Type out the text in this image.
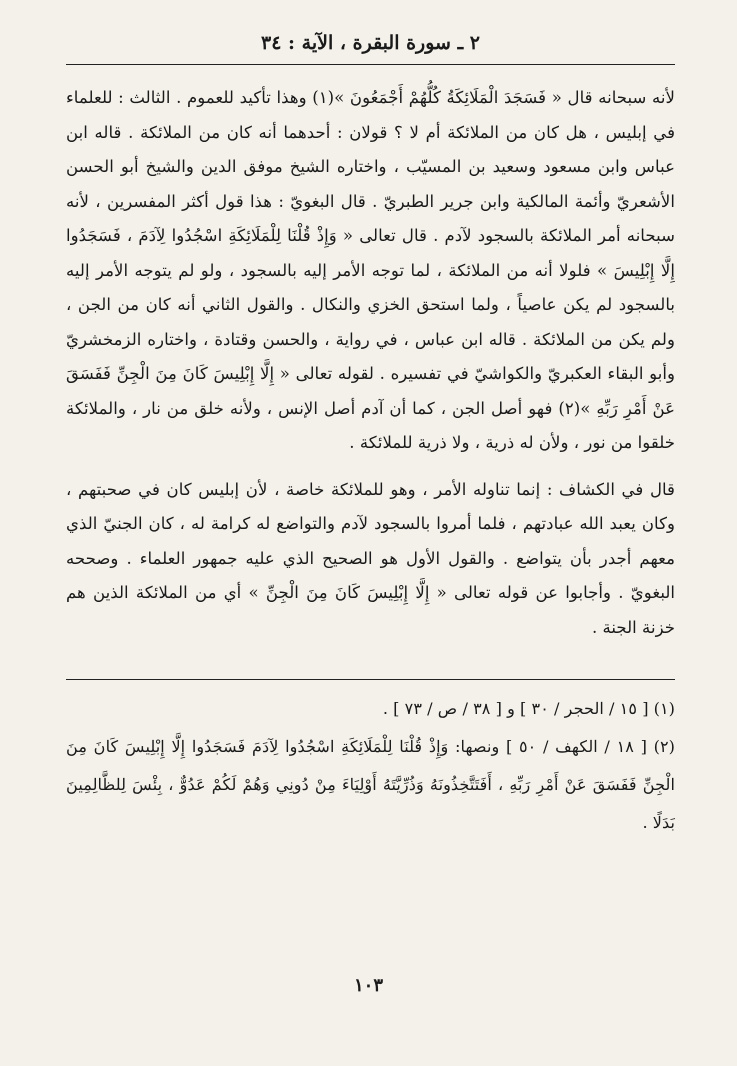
٢ ـ سورة البقرة ، الآية : ٣٤

لأنه سبحانه قال « فَسَجَدَ الْمَلَائِكَةُ كُلُّهُمْ أَجْمَعُونَ »(١) وهذا تأكيد للعموم . الثالث : للعلماء في إبليس ، هل كان من الملائكة أم لا ؟ قولان : أحدهما أنه كان من الملائكة . قاله ابن عباس وابن مسعود وسعيد بن المسيّب ، واختاره الشيخ موفق الدين والشيخ أبو الحسن الأشعريّ وأئمة المالكية وابن جرير الطبريّ . قال البغويّ : هذا قول أكثر المفسرين ، لأنه سبحانه أمر الملائكة بالسجود لآدم . قال تعالى « وَإِذْ قُلْنَا لِلْمَلَائِكَةِ اسْجُدُوا لِآدَمَ ، فَسَجَدُوا إِلَّا إِبْلِيسَ » فلولا أنه من الملائكة ، لما توجه الأمر إليه بالسجود ، ولو لم يتوجه الأمر إليه بالسجود لم يكن عاصياً ، ولما استحق الخزي والنكال . والقول الثاني أنه كان من الجن ، ولم يكن من الملائكة . قاله ابن عباس ، في رواية ، والحسن وقتادة ، واختاره الزمخشريّ وأبو البقاء العكبريّ والكواشيّ في تفسيره . لقوله تعالى « إِلَّا إِبْلِيسَ كَانَ مِنَ الْجِنِّ فَفَسَقَ عَنْ أَمْرِ رَبِّهِ »(٢) فهو أصل الجن ، كما أن آدم أصل الإنس ، ولأنه خلق من نار ، والملائكة خلقوا من نور ، ولأن له ذرية ، ولا ذرية للملائكة .

قال في الكشاف : إنما تناوله الأمر ، وهو للملائكة خاصة ، لأن إبليس كان في صحبتهم ، وكان يعبد الله عبادتهم ، فلما أمروا بالسجود لآدم والتواضع له كرامة له ، كان الجنيّ الذي معهم أجدر بأن يتواضع . والقول الأول هو الصحيح الذي عليه جمهور العلماء . وصححه البغويّ . وأجابوا عن قوله تعالى « إِلَّا إِبْلِيسَ كَانَ مِنَ الْجِنِّ » أي من الملائكة الذين هم خزنة الجنة .

(١) [ ١٥ / الحجر / ٣٠ ] و [ ٣٨ / ص / ٧٣ ] .

(٢) [ ١٨ / الكهف / ٥٠ ] ونصها: وَإِذْ قُلْنَا لِلْمَلَائِكَةِ اسْجُدُوا لِآدَمَ فَسَجَدُوا إِلَّا إِبْلِيسَ كَانَ مِنَ الْجِنِّ فَفَسَقَ عَنْ أَمْرِ رَبِّهِ ، أَفَتَتَّخِذُونَهُ وَذُرِّيَّتَهُ أَوْلِيَاءَ مِنْ دُونِي وَهُمْ لَكُمْ عَدُوٌّ ، بِئْسَ لِلظَّالِمِينَ بَدَلًا .

١٠٣
